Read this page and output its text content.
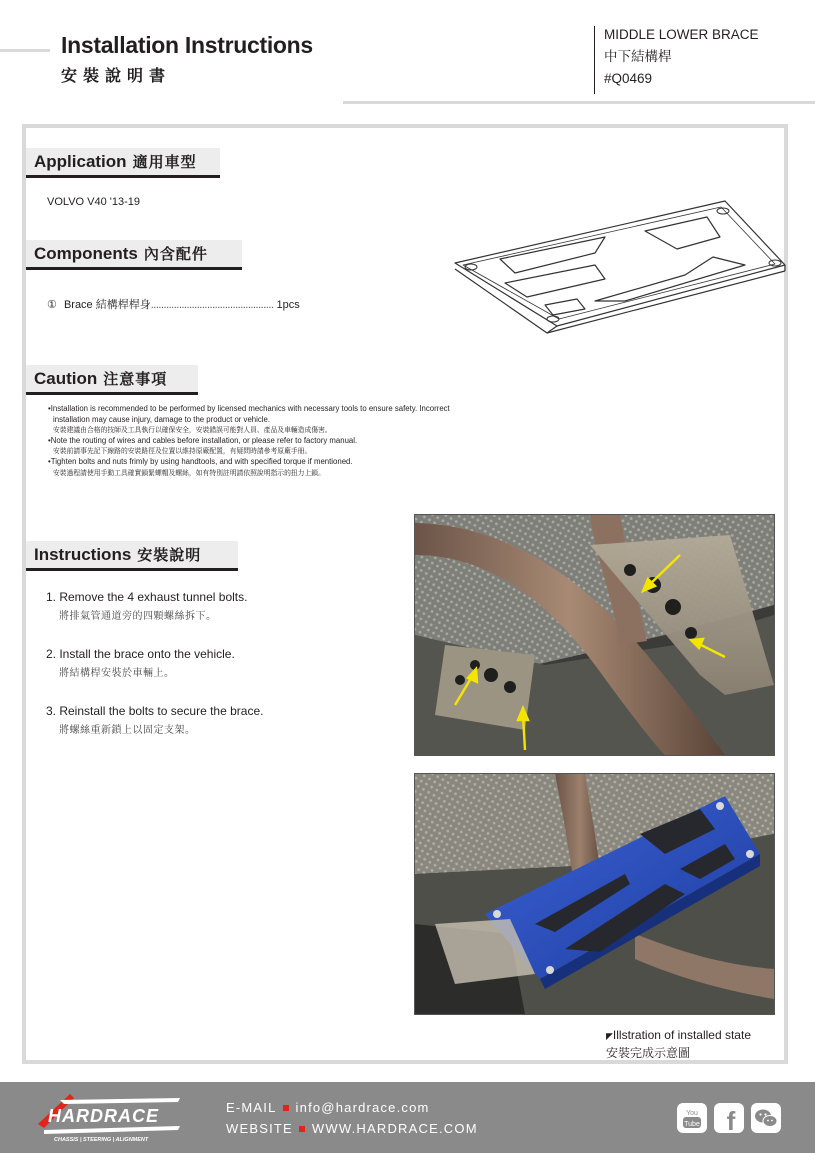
Installation Instructions
安裝說明書
MIDDLE LOWER BRACE
中下結構桿
#Q0469
Application 適用車型
VOLVO V40 '13-19
Components 內含配件
① Brace 結構桿桿身................................................ 1pcs
Caution 注意事項

•Installation is recommended to be performed by licensed mechanics with necessary tools to ensure safety. Incorrect installation may cause injury, damage to the product or vehicle.

安裝建議由合格的技師及工具執行以確保安全，安裝錯誤可能對人員、產品及車輛造成傷害。

•Note the routing of wires and cables before installation, or please refer to factory manual.

安裝前請事先記下線路的安裝路徑及位置以維持原廠配置，有疑問時請參考原廠手冊。

•Tighten bolts and nuts frimly by using handtools, and with specified torque if mentioned.

安裝過程請使用手動工具確實鎖緊螺帽及螺絲，如有特別註明請依照說明指示的扭力上鎖。

Instructions 安裝說明
1. Remove the 4 exhaust tunnel bolts.
將排氣管通道旁的四顆螺絲拆下。
2. Install the brace onto the vehicle.
將結構桿安裝於車輛上。
3. Reinstall the bolts to secure the brace.
將螺絲重新鎖上以固定支架。
◤Illstration of installed state
安裝完成示意圖
HARDRACE
CHASSIS | STEERING | ALIGNMENT
E-MAIL info@hardrace.com
WEBSITE WWW.HARDRACE.COM
You
Tube f
